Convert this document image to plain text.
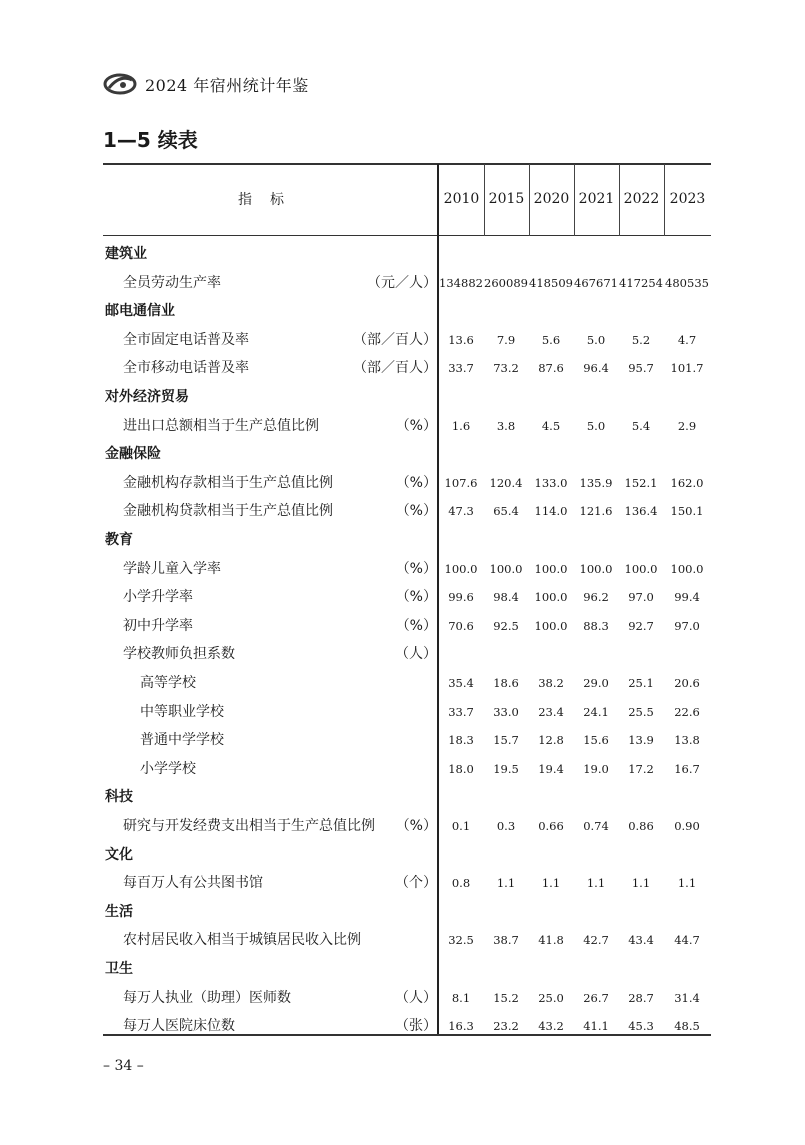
2024 年宿州统计年鉴
1—5 续表
指标	2010 2015 2020 2021 2022 2023
建筑业
全员劳动生产率	（元／人） 134882 260089 418509 467671 417254 480535
邮电通信业
全市固定电话普及率	（部／百人） 13.6	7.9	5.6	5.0	5.2	4.7
全市移动电话普及率	（部／百人） 33.7	73.2	87.6	96.4	95.7	101.7
对外经济贸易
进出口总额相当于生产总值比例	（%）	1.6	3.8	4.5	5.0	5.4	2.9
金融保险
金融机构存款相当于生产总值比例	（%） 107.6	120.4	133.0	135.9	152.1	162.0
金融机构贷款相当于生产总值比例	（%） 47.3	65.4	114.0	121.6	136.4	150.1
教育
学龄儿童入学率	（%） 100.0	100.0	100.0	100.0	100.0	100.0
小学升学率	（%） 99.6	98.4	100.0	96.2	97.0	99.4
初中升学率	（%） 70.6	92.5	100.0	88.3	92.7	97.0
学校教师负担系数	（人）
高等学校	35.4	18.6	38.2	29.0	25.1	20.6
中等职业学校	33.7	33.0	23.4	24.1	25.5	22.6
普通中学学校	18.3	15.7	12.8	15.6	13.9	13.8
小学学校	18.0	19.5	19.4	19.0	17.2	16.7
科技
研究与开发经费支出相当于生产总值比例 （%）	0.1	0.3	0.66	0.74	0.86	0.90
文化
每百万人有公共图书馆	（个）	0.8	1.1	1.1	1.1	1.1	1.1
生活
农村居民收入相当于城镇居民收入比例	32.5	38.7	41.8	42.7	43.4	44.7
卫生
每万人执业（助理）医师数	（人）	8.1	15.2	25.0	26.7	28.7	31.4
每万人医院床位数	（张） 16.3	23.2	43.2	41.1	45.3	48.5
– 34 –
